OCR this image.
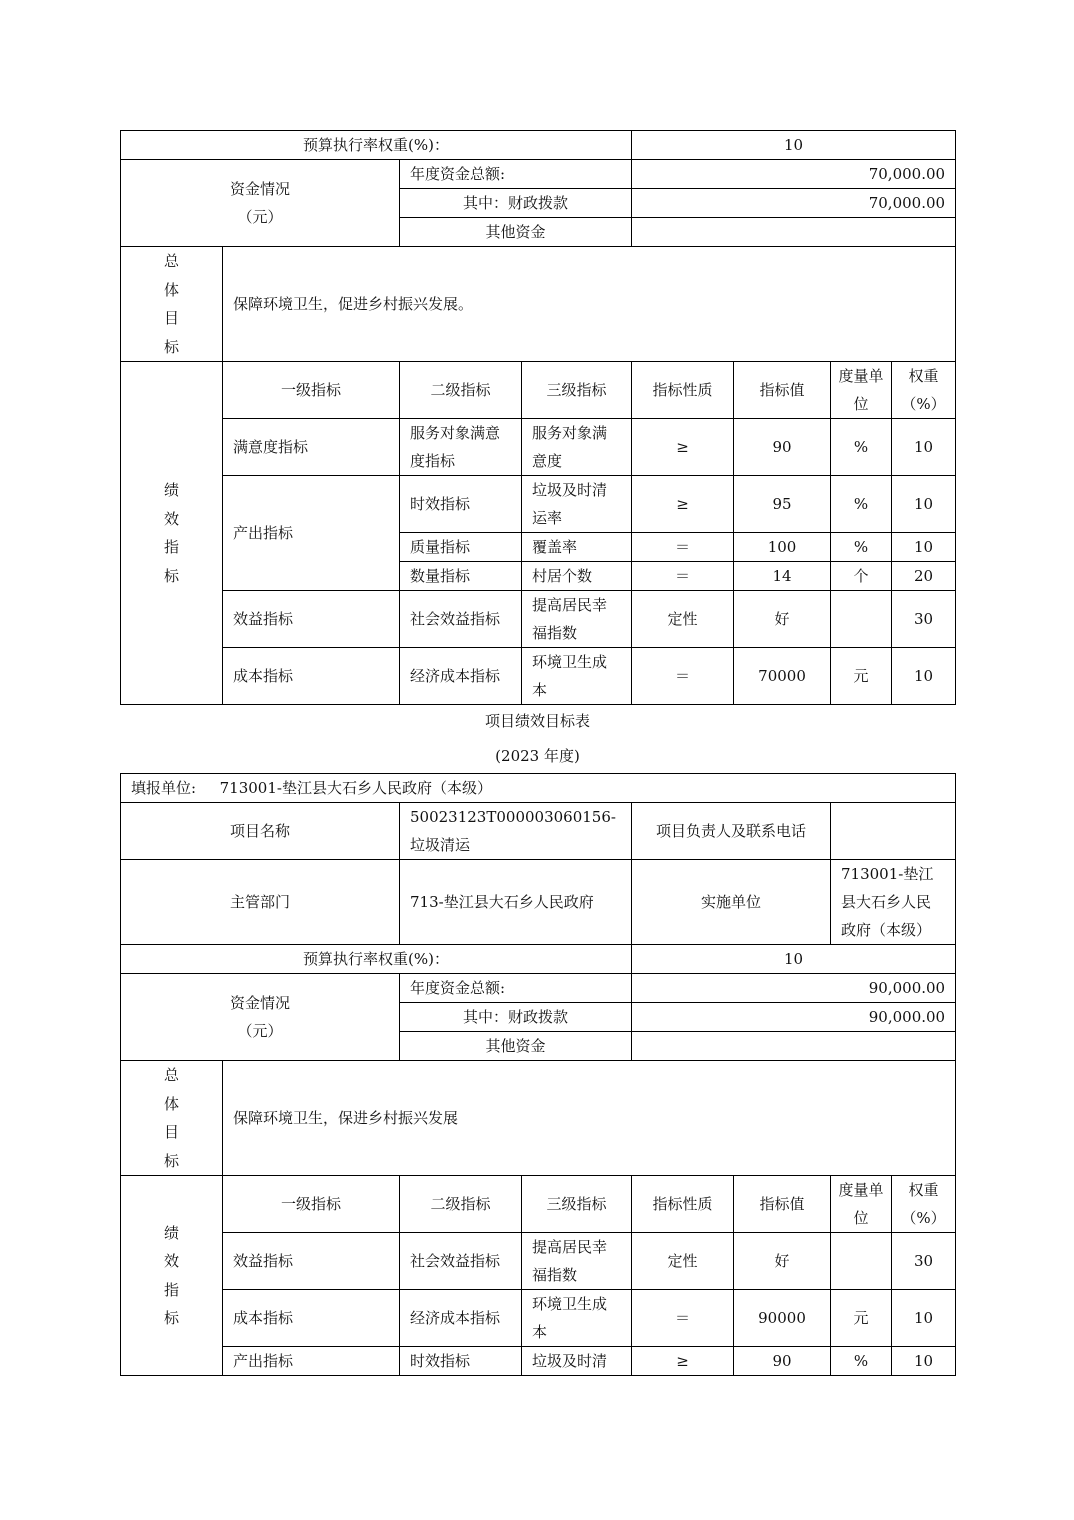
预算执行率权重(%)：				10			

资金情况
（元）		年度资金总额:		70,000.00			
		其中：财政拨款		70,000.00			
		其他资金					

总
体
目
标	保障环境卫生，促进乡村振兴发展。						

绩
效
指
标	一级指标	二级指标	三级指标	指标性质	指标值	度量单位	权重（%）
	满意度指标	服务对象满意度指标	服务对象满意度	≥	90	%	10
	产出指标	时效指标	垃圾及时清运率	≥	95	%	10
		质量指标	覆盖率	＝	100	%	10
		数量指标	村居个数	＝	14	个	20
	效益指标	社会效益指标	提高居民幸福指数	定性	好		30
	成本指标	经济成本指标	环境卫生成本	＝	70000	元	10
项目绩效目标表
(2023 年度)
填报单位: 713001-垫江县大石乡人民政府（本级）							
项目名称		50023123T000003060156-垃圾清运		项目负责人及联系电话			
主管部门		713-垫江县大石乡人民政府		实施单位		713001-垫江县大石乡人民政府（本级）	
预算执行率权重(%)：				10			

资金情况
（元）		年度资金总额:		90,000.00			
		其中：财政拨款		90,000.00			
		其他资金					

总
体
目
标	保障环境卫生，保进乡村振兴发展						

绩
效
指
标	一级指标	二级指标	三级指标	指标性质	指标值	度量单位	权重（%）
	效益指标	社会效益指标	提高居民幸福指数	定性	好		30
	成本指标	经济成本指标	环境卫生成本	＝	90000	元	10
	产出指标	时效指标	垃圾及时清	≥	90	%	10
